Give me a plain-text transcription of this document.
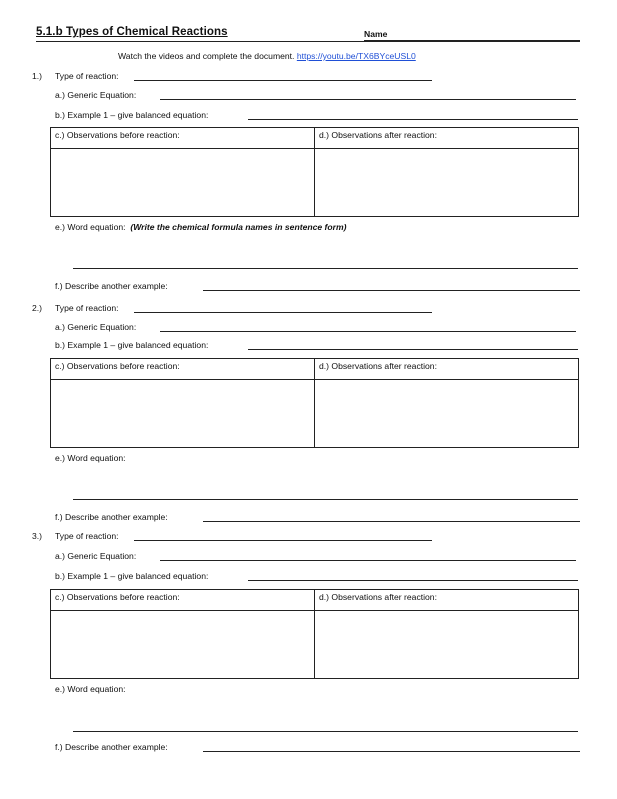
5.1.b Types of Chemical Reactions	Name
Watch the videos and complete the document. https://youtu.be/TX6BYceUSL0
1.) Type of reaction:
a.) Generic Equation:
b.) Example 1 – give balanced equation:
c.) Observations before reaction:	d.) Observations after reaction:
e.) Word equation: (Write the chemical formula names in sentence form)
f.) Describe another example:
2.) Type of reaction:
a.) Generic Equation:
b.) Example 1 – give balanced equation:
c.) Observations before reaction:	d.) Observations after reaction:
e.) Word equation:
f.) Describe another example:
3.) Type of reaction:
a.) Generic Equation:
b.) Example 1 – give balanced equation:
c.) Observations before reaction:	d.) Observations after reaction:
e.) Word equation:
f.) Describe another example:
